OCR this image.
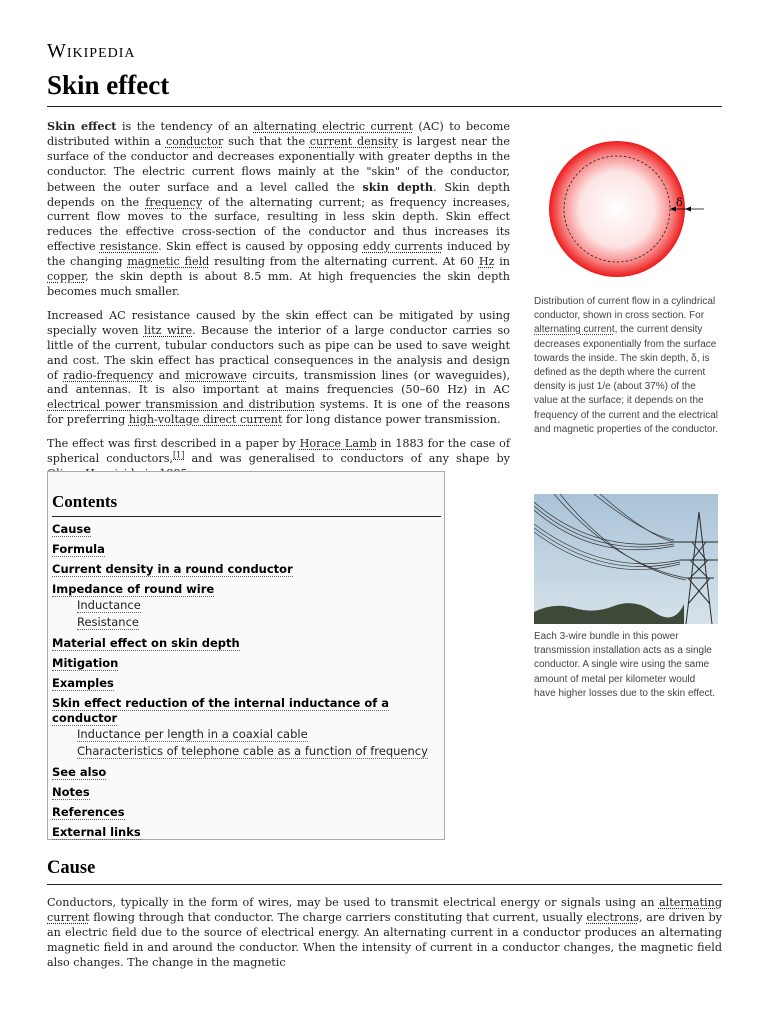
Wikipedia
Skin effect

Skin effect is the tendency of an alternating electric current (AC) to become distributed within a conductor such that the current density is largest near the surface of the conductor and decreases exponentially with greater depths in the conductor. The electric current flows mainly at the "skin" of the conductor, between the outer surface and a level called the skin depth. Skin depth depends on the frequency of the alternating current; as frequency increases, current flow moves to the surface, resulting in less skin depth. Skin effect reduces the effective cross-section of the conductor and thus increases its effective resistance. Skin effect is caused by opposing eddy currents induced by the changing magnetic field resulting from the alternating current. At 60 Hz in copper, the skin depth is about 8.5 mm. At high frequencies the skin depth becomes much smaller.

Increased AC resistance caused by the skin effect can be mitigated by using specially woven litz wire. Because the interior of a large conductor carries so little of the current, tubular conductors such as pipe can be used to save weight and cost. The skin effect has practical consequences in the analysis and design of radio-frequency and microwave circuits, transmission lines (or waveguides), and antennas. It is also important at mains frequencies (50–60 Hz) in AC electrical power transmission and distribution systems. It is one of the reasons for preferring high-voltage direct current for long distance power transmission.

The effect was first described in a paper by Horace Lamb in 1883 for the case of spherical conductors,[1] and was generalised to conductors of any shape by

δ
Distribution of current flow in a cylindrical conductor, shown in cross section. For alternating current, the current density decreases exponentially from the surface towards the inside. The skin depth, δ, is defined as the depth where the current density is just 1/e (about 37%) of the value at the surface; it depends on the frequency of the current and the electrical and magnetic properties of the conductor.
Each 3-wire bundle in this power transmission installation acts as a single conductor. A single wire using the same amount of metal per kilometer would have higher losses due to the skin effect.
Contents
Cause
Formula
Current density in a round conductor
Impedance of round wire
Inductance
Resistance
Material effect on skin depth
Mitigation
Examples
Skin effect reduction of the internal inductance of a conductor
Inductance per length in a coaxial cable
Characteristics of telephone cable as a function of frequency
See also
Notes
References
External links
Cause
Conductors, typically in the form of wires, may be used to transmit electrical energy or signals using an alternating current flowing through that conductor. The charge carriers constituting that current, usually electrons, are driven by an electric field due to the source of electrical energy. An alternating current in a conductor produces an alternating magnetic field in and around the conductor. When the intensity of current in a conductor changes, the magnetic field also changes. The change in the magnetic
